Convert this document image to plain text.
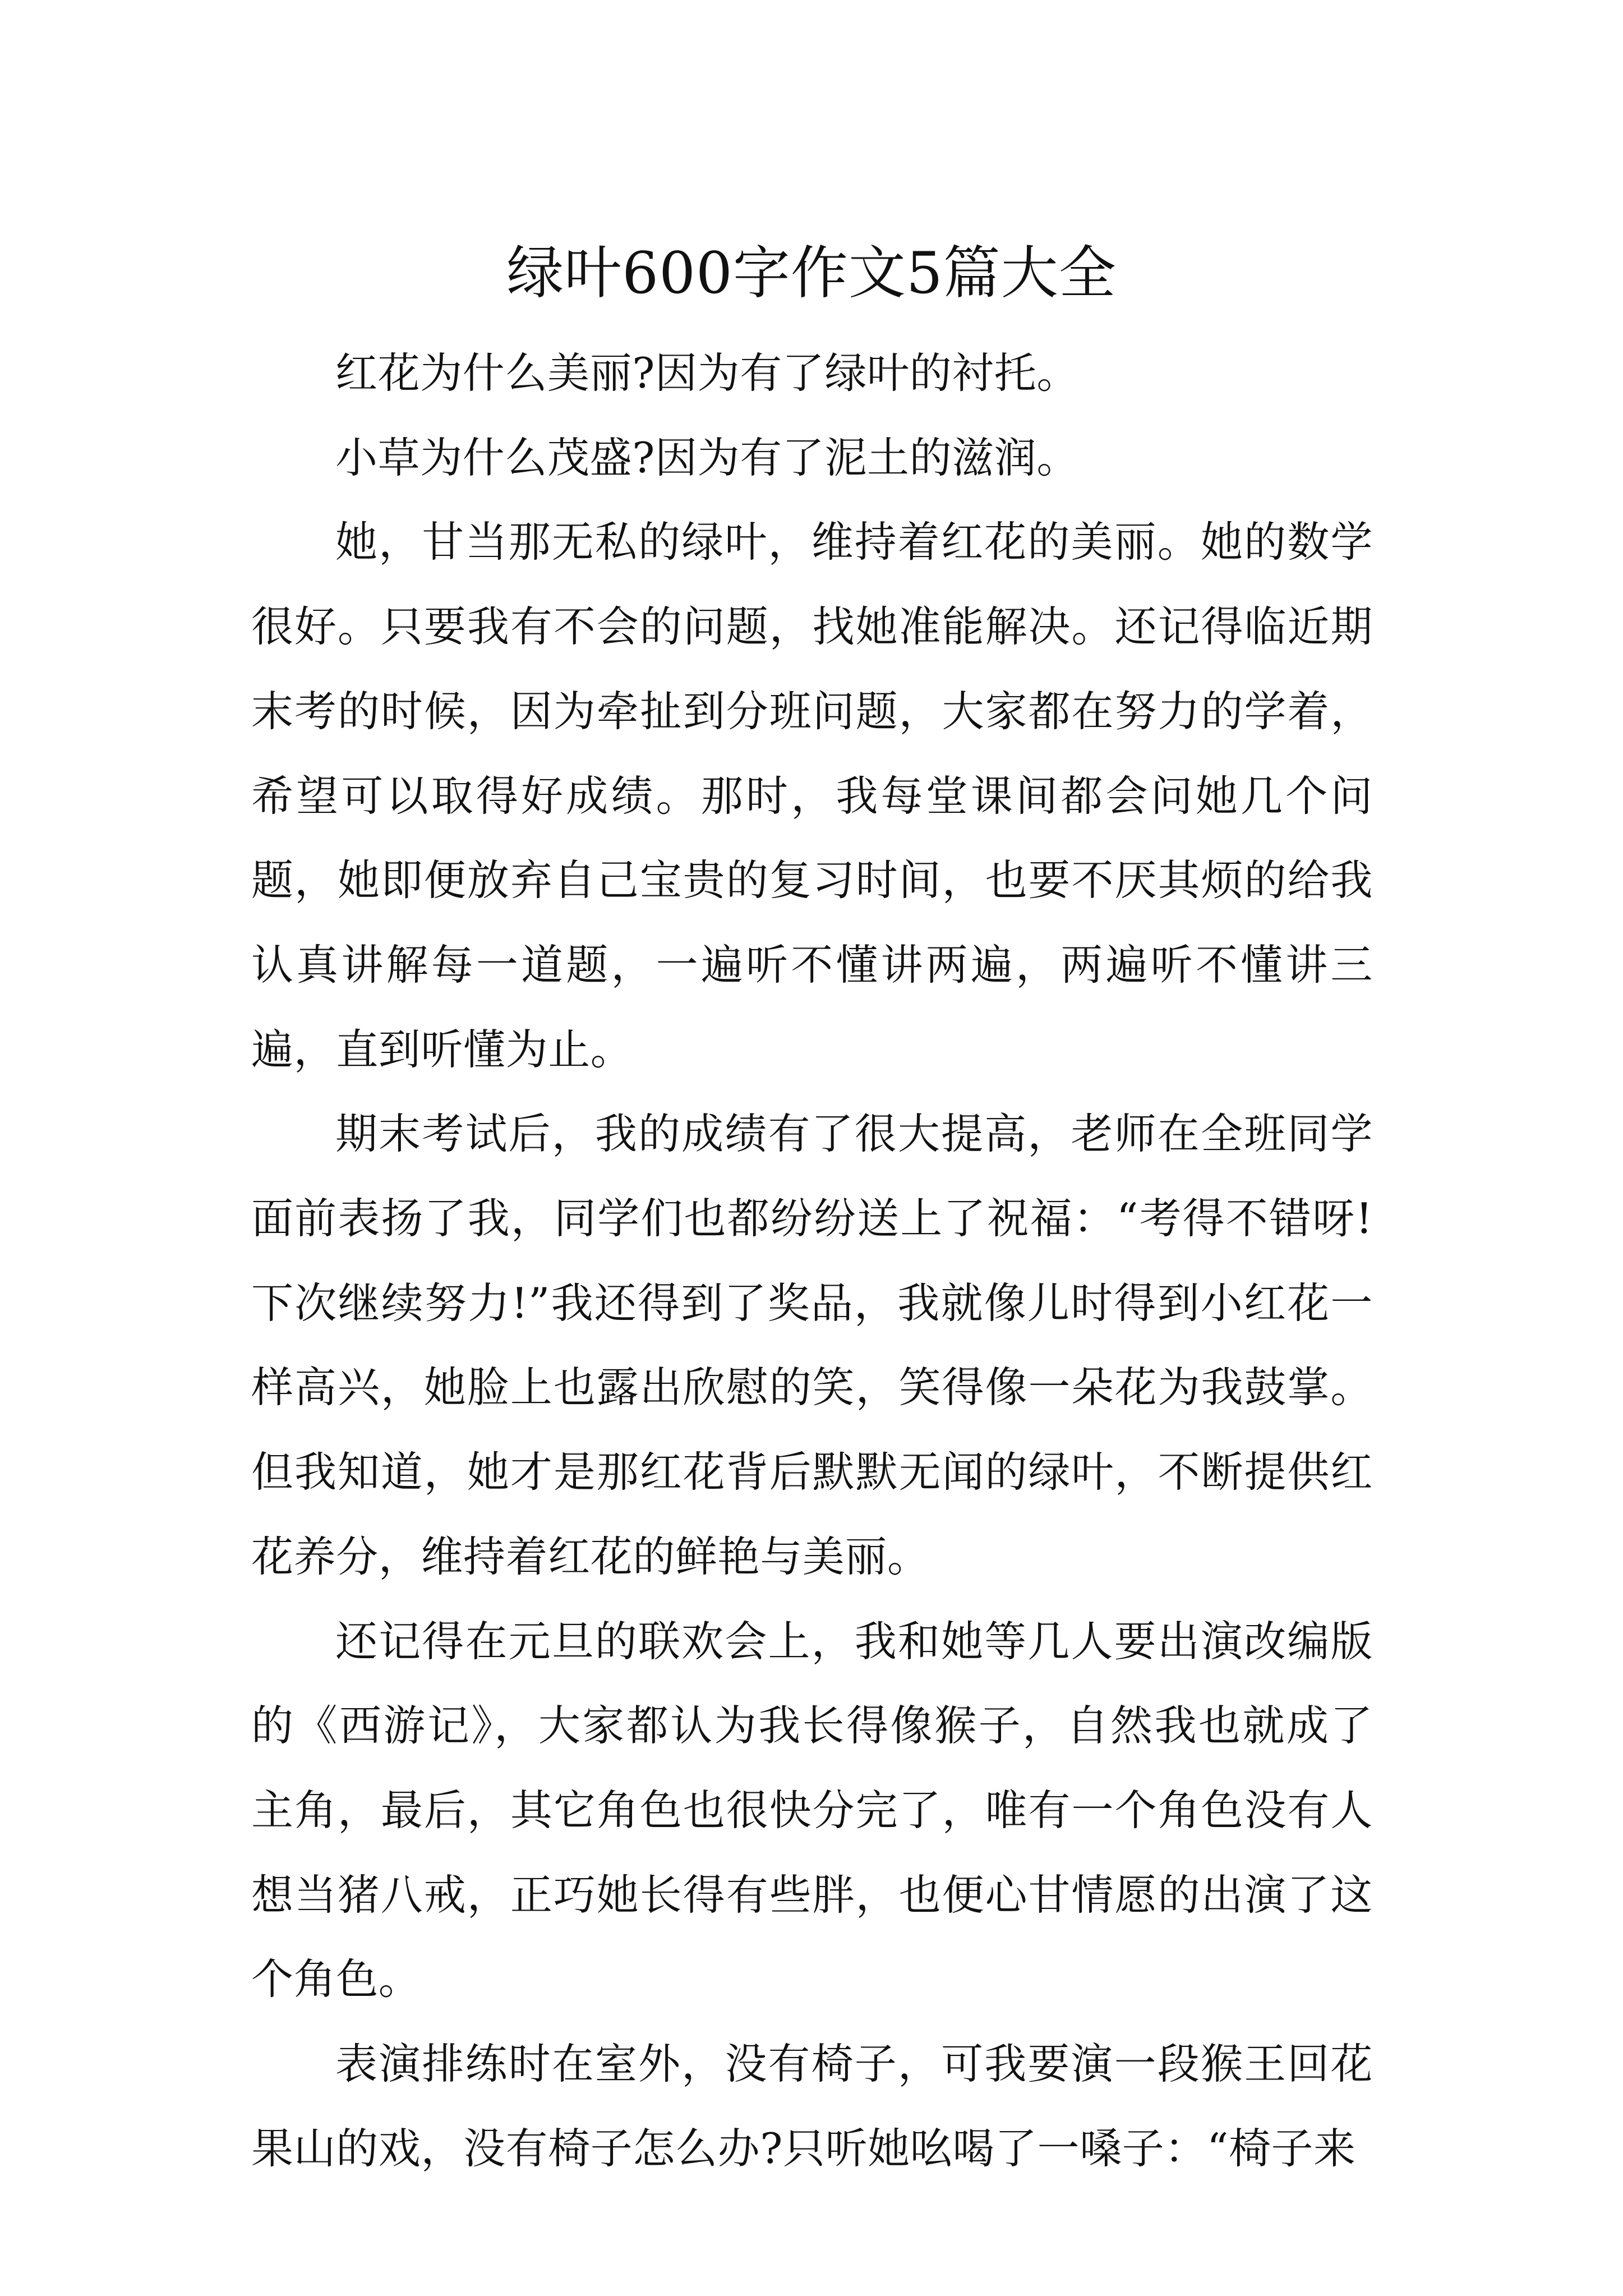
绿叶600字作文5篇大全

红花为什么美丽?因为有了绿叶的衬托。

小草为什么茂盛?因为有了泥土的滋润。

她，甘当那无私的绿叶，维持着红花的美丽。她的数学很好。只要我有不会的问题，找她准能解决。还记得临近期末考的时候，因为牵扯到分班问题，大家都在努力的学着，希望可以取得好成绩。那时，我每堂课间都会问她几个问题，她即便放弃自己宝贵的复习时间，也要不厌其烦的给我认真讲解每一道题，一遍听不懂讲两遍，两遍听不懂讲三遍，直到听懂为止。

期末考试后，我的成绩有了很大提高，老师在全班同学面前表扬了我，同学们也都纷纷送上了祝福：“考得不错呀!下次继续努力!”我还得到了奖品，我就像儿时得到小红花一样高兴，她脸上也露出欣慰的笑，笑得像一朵花为我鼓掌。但我知道，她才是那红花背后默默无闻的绿叶，不断提供红花养分，维持着红花的鲜艳与美丽。

还记得在元旦的联欢会上，我和她等几人要出演改编版的《西游记》，大家都认为我长得像猴子，自然我也就成了主角，最后，其它角色也很快分完了，唯有一个角色没有人想当猪八戒，正巧她长得有些胖，也便心甘情愿的出演了这个角色。

表演排练时在室外，没有椅子，可我要演一段猴王回花果山的戏，没有椅子怎么办?只听她吆喝了一嗓子：“椅子来
